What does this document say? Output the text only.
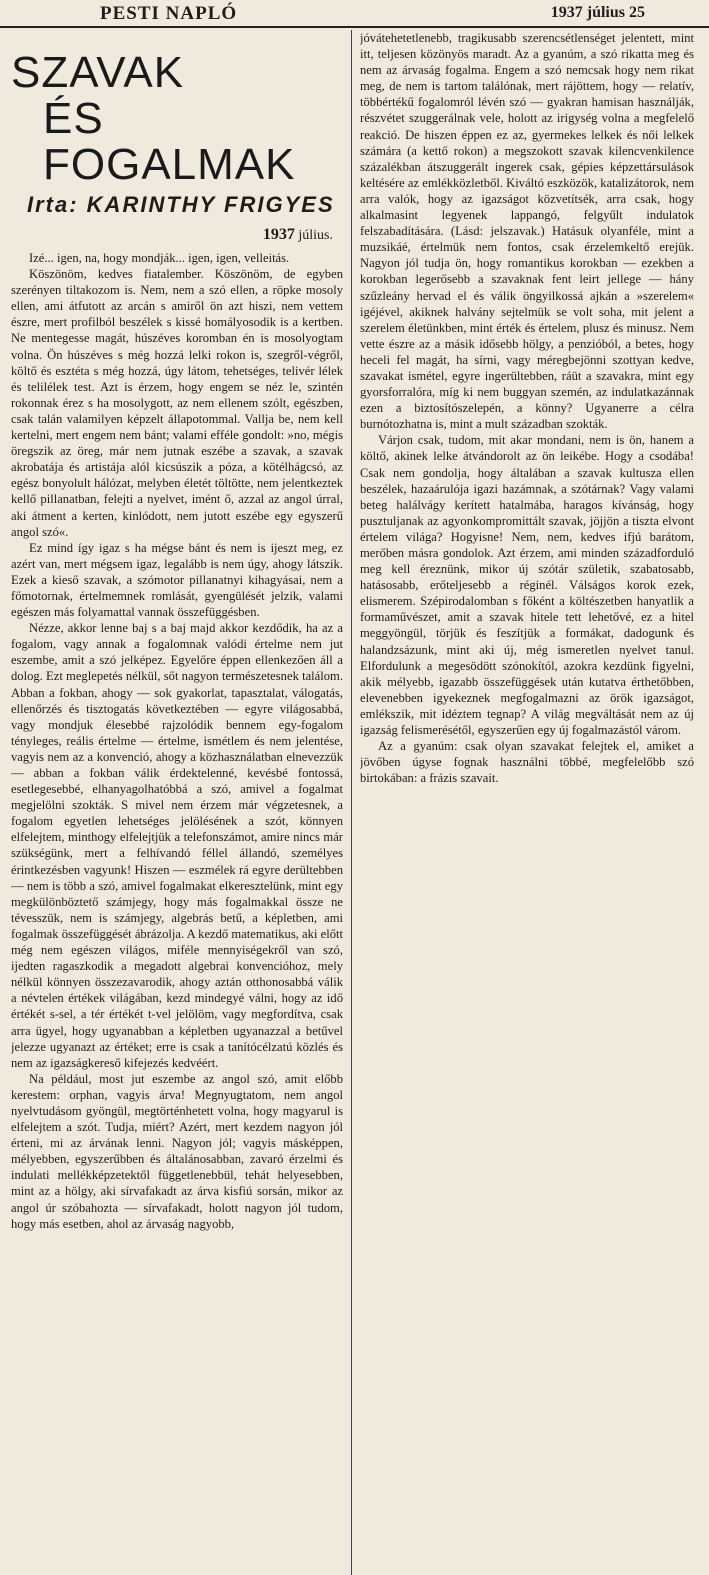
PESTI NAPLÓ	1937 július 25
SZAVAK
ÉS FOGALMAK
Irta: KARINTHY FRIGYES
1937 július.

Izé... igen, na, hogy mondják... igen, igen, velleitás.

Köszönöm, kedves fiatalember. Köszönöm, de egyben szerényen tiltakozom is. Nem, nem a szó ellen, a röpke mosoly ellen, ami átfutott az arcán s amiről ön azt hiszi, nem vettem észre, mert profilból beszélek s kissé homályosodik is a kertben. Ne mentegesse magát, húszéves koromban én is mosolyogtam volna. Ön húszéves s még hozzá lelki rokon is, szegről-végről, költő és esztéta s még hozzá, úgy látom, tehetséges, telivér lélek és telilélek test. Azt is érzem, hogy engem se néz le, szintén rokonnak érez s ha mosolygott, az nem ellenem szólt, egészben, csak talán valamilyen képzelt állapotommal. Vallja be, nem kell kertelni, mert engem nem bánt; valami efféle gondolt: »no, mégis öregszik az öreg, már nem jutnak eszébe a szavak, a szavak akrobatája és artistája alól kicsúszik a póza, a kötélhágcsó, az egész bonyolult hálózat, melyben életét töltötte, nem jelentkeztek kellő pillanatban, felejti a nyelvet, imént ő, azzal az angol úrral, aki átment a kerten, kinlódott, nem jutott eszébe egy egyszerű angol szó«.

Ez mind így igaz s ha mégse bánt és nem is ijeszt meg, ez azért van, mert mégsem igaz, legalább is nem úgy, ahogy látszik. Ezek a kieső szavak, a szómotor pillanatnyi kihagyásai, nem a főmotornak, értelmemnek romlását, gyengülését jelzik, valami egészen más folyamattal vannak összefüggésben.

Nézze, akkor lenne baj s a baj majd akkor kezdődik, ha az a fogalom, vagy annak a fogalomnak valódi értelme nem jut eszembe, amit a szó jelképez. Egyelőre éppen ellenkezően áll a dolog. Ezt meglepetés nélkül, sőt nagyon természetesnek találom. Abban a fokban, ahogy — sok gyakorlat, tapasztalat, válogatás, ellenőrzés és tisztogatás következtében — egyre világosabbá, vagy mondjuk élesebbé rajzolódik bennem egy-fogalom tényleges, reális értelme — értelme, ismétlem és nem jelentése, vagyis nem az a konvenció, ahogy a közhasználatban elnevezzük — abban a fokban válik érdektelenné, kevésbé fontossá, esetlegesebbé, elhanyagolhatóbbá a szó, amivel a fogalmat megjelölni szokták. S mivel nem érzem már végzetesnek, a fogalom egyetlen lehetséges jelölésének a szót, könnyen elfelejtem, minthogy elfelejtjük a telefonszámot, amire nincs már szükségünk, mert a felhívandó féllel állandó, személyes érintkezésben vagyunk! Hiszen — eszmélek rá egyre derültebben — nem is több a szó, amivel fogalmakat elkeresztelünk, mint egy megkülönböztető számjegy, hogy más fogalmakkal össze ne tévesszük, nem is számjegy, algebrás betű, a képletben, ami fogalmak összefüggését ábrázolja. A kezdő matematikus, aki előtt még nem egészen világos, miféle mennyiségekről van szó, ijedten ragaszkodik a megadott algebrai konvencióhoz, mely nélkül könnyen összezavarodik, ahogy aztán otthonosabbá válik a névtelen értékek világában, kezd mindegyé válni, hogy az idő értékét s-sel, a tér értékét t-vel jelölöm, vagy megfordítva, csak arra ügyel, hogy ugyanabban a képletben ugyanazzal a betűvel jelezze ugyanazt az értéket; erre is csak a tanítócélzatú közlés és nem az igazságkereső kifejezés kedvéért.

Na például, most jut eszembe az angol szó, amit előbb kerestem: orphan, vagyis árva! Megnyugtatom, nem angol nyelvtudásom gyöngül, megtörténhetett volna, hogy magyarul is elfelejtem a szót. Tudja, miért? Azért, mert kezdem nagyon jól érteni, mi az árvának lenni. Nagyon jól; vagyis másképpen, mélyebben, egyszerűbben és általánosabban, zavaró érzelmi és indulati mellékképzetektől függetlenebbül, tehát helyesebben, mint az a hölgy, aki sírvafakadt az árva kisfiú sorsán, mikor az angol úr szóbahozta — sírvafakadt, holott nagyon jól tudom, hogy más esetben, ahol az árvaság nagyobb,

jóvátehetetlenebb, tragikusabb szerencsétlenséget jelentett, mint itt, teljesen közönyös maradt. Az a gyanúm, a szó rikatta meg és nem az árvaság fogalma. Engem a szó nemcsak hogy nem rikat meg, de nem is tartom találónak, mert rájöttem, hogy — relatív, többértékű fogalomról lévén szó — gyakran hamisan használják, részvétet szuggerálnak vele, holott az irigység volna a megfelelő reakció. De hiszen éppen ez az, gyermekes lelkek és női lelkek számára (a kettő rokon) a megszokott szavak kilencvenkilence százalékban átszuggerált ingerek csak, gépies képzettársulások keltésére az emlékközletből. Kiváltó eszközök, katalizátorok, nem arra valók, hogy az igazságot közvetítsék, arra csak, hogy alkalmasint legyenek lappangó, felgyűlt indulatok felszabadítására. (Lásd: jelszavak.) Hatásuk olyanféle, mint a muzsikáé, értelmük nem fontos, csak érzelemkeltő erejük. Nagyon jól tudja ön, hogy romantikus korokban — ezekben a korokban legerősebb a szavaknak fent leirt jellege — hány szűzleány hervad el és válik öngyilkossá ajkán a »szerelem« igéjével, akiknek halvány sejtelmük se volt soha, mit jelent a szerelem életünkben, mint érték és értelem, plusz és minusz. Nem vette észre az a másik idősebb hölgy, a penzióból, a betes, hogy heceli fel magát, ha sírni, vagy méregbejönni szottyan kedve, szavakat ismétel, egyre ingerültebben, ráüt a szavakra, mint egy gyorsforralóra, míg ki nem buggyan szemén, az indulatkazánnak ezen a biztosítószelepén, a könny? Ugyanerre a célra burnótozhatna is, mint a mult században szokták.

Várjon csak, tudom, mit akar mondani, nem is ön, hanem a költő, akinek lelke átvándorolt az ön leikébe. Hogy a csodába! Csak nem gondolja, hogy általában a szavak kultusza ellen beszélek, hazaárulója igazi hazámnak, a szótárnak? Vagy valami beteg halálvágy kerített hatalmába, haragos kívánság, hogy pusztuljanak az agyonkompromittált szavak, jöjjön a tiszta elvont értelem világa? Hogyisne! Nem, nem, kedves ifjú barátom, merőben másra gondolok. Azt érzem, ami minden századforduló meg kell éreznünk, mikor új szótár születik, szabatosabb, hatásosabb, erőteljesebb a réginél. Válságos korok ezek, elismerem. Szépirodalomban s főként a költészetben hanyatlik a formaművészet, amit a szavak hitele tett lehetővé, ez a hitel meggyöngül, törjük és feszítjük a formákat, dadogunk és halandzsázunk, mint aki új, még ismeretlen nyelvet tanul. Elfordulunk a megesödött szónokítól, azokra kezdünk figyelni, akik mélyebb, igazabb összefüggések után kutatva érthetőbben, elevenebben igyekeznek megfogalmazni az örök igazságot, emlékszik, mit idéztem tegnap? A világ megváltását nem az új igazság felismerésétől, egyszerűen egy új fogalmazástól várom.

Az a gyanúm: csak olyan szavakat felejtek el, amiket a jövőben úgyse fognak használni többé, megfelelőbb szó birtokában: a frázis szavait.
